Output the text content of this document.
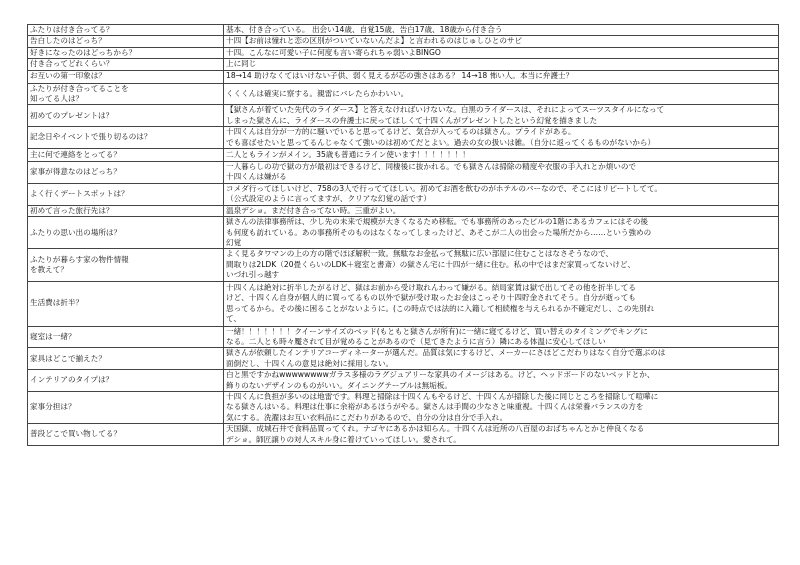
ふたりは付き合ってる？	基本、付き合っている。 出会い14歳、自覚15歳、告白17歳、18歳から付き合う

告白したのはどっち？	十四【お前は憧れと恋の区別がついていないんだよ】と言われるのはじゅしひとのサビ

好きになったのはどっちから？	十四。こんなに可愛い子に何度も言い寄られちゃ弱いよBINGO

付き合ってどれくらい？	上に同じ

お互いの第一印象は？	18→14 助けなくてはいけない子供、弱く見えるが芯の強さはある？ 14→18 怖い人。本当に弁護士？

ふたりが付き合ってることを
知ってる人は？	くくくんは確実に察する。親雷にバレたらかわいい。

初めてのプレゼントは？	【獄さんが着ていた先代のライダース】と答えなければいけないな。白黒のライダースは、それによってスーツスタイルになって
しまった獄さんに、ライダースの弁護士に戻ってほしくて十四くんがプレゼントしたという幻覚を描きました

記念日やイベントで張り切るのは？	十四くんは自分が一方的に騒いでいると思ってるけど、気合が入ってるのは獄さん。プライドがある。
でも喜ばせたいと思ってるんじゃなくて強いのは初めてだとよい。過去の女の扱いは雑。（自分に返ってくるものがないから）

主に何で連絡をとってる？	二人ともラインがメイン。35歳も普通にライン使います！！！！！！！

家事が得意なのはどっち？	一人暮らしの功で獄の方が最初はできるけど、同棲後に抜かれる。でも獄さんは掃除の精度や衣服の手入れとか煩いので
十四くんは嫌がる

よく行くデートスポットは？	コメダ行ってほしいけど、758の3人で行っててほしい。初めてお酒を飲むのがホテルのバーなので、そこにはリピートしてて。
（公式設定のように言ってますが、クリアな幻覚の話です）

初めて言った旅行先は？	温泉デショ。まだ付き合ってない時。三重がよい。

ふたりの思い出の場所は？	獄さんの法律事務所は、少し先の未来で規模が大きくなるため移転。でも事務所のあったビルの1階にあるカフェにはその後
も何度も訪れている。あの事務所そのものはなくなってしまったけど、あそこが二人の出会った場所だから……という強めの
幻覚

ふたりが暮らす家の物件情報
を教えて？	よく見るタワマンの上の方の階でほぼ解釈一致。無駄なお金払って無駄に広い部屋に住むことはなさそうなので、
間取りは2LDK（20畳くらいのLDK＋寝室と書斎）の獄さん宅に十四が一緒に住む。私の中ではまだ家買ってないけど、
いづれ引っ越す

生活費は折半？	十四くんは絶対に折半したがるけど、獄はお前から受け取れんわって嫌がる。結局家賃は獄で出してその他を折半してる
けど、十四くん自身が個人的に買ってるもの以外で獄が受け取ったお金はこっそり十四貯金されてそう。自分が逝っても
思ってるから。その後に困ることがないように。(この時点では法的に入籍して相続権を与えられるか不確定だし、この先別れ
て、

寝室は一緒？	一緒！！！！！！！クイーンサイズのベッド(もともと獄さんが所有)に一緒に寝てるけど、買い替えのタイミングでキングに
なる。二人とも時々魘されて目が覚めることがあるので（見てきたように言う）隣にある体温に安心してほしい

家具はどこで揃えた？	獄さんが依頼したインテリアコーディネーターが選んだ。品質は気にするけど、メーカーにさほどこだわりはなく自分で選ぶのは
面倒だし、十四くんの意見は絶対に採用しない。

インテリアのタイプは？	白と黒ですかねwwwwwwwwガラス多様のラグジュアリーな家具のイメージはある。けど、ヘッドボードのないベッドとか、
飾りのないデザインのものがいい。ダイニングテーブルは無垢板。

家事分担は？	十四くんに負担が多いのは地雷です。料理と掃除は十四くんもやるけど、十四くんが掃除した後に同じところを掃除して喧嘩に
なる獄さんはいる。料理は仕事に余裕があるほうがやる。獄さんは手間の少なさと味重視。十四くんは栄養バランスの方を
気にする。洗濯はお互い衣料品にこだわりがあるので、自分の分は自分で手入れ。

普段どこで買い物してる？	天国獄、成城石井で食料品買ってくれ。ナゴヤにあるかは知らん。十四くんは近所の八百屋のおばちゃんとかと仲良くなる
デショ。師匠譲りの対人スキル身に着けていってほしい。愛されて。
